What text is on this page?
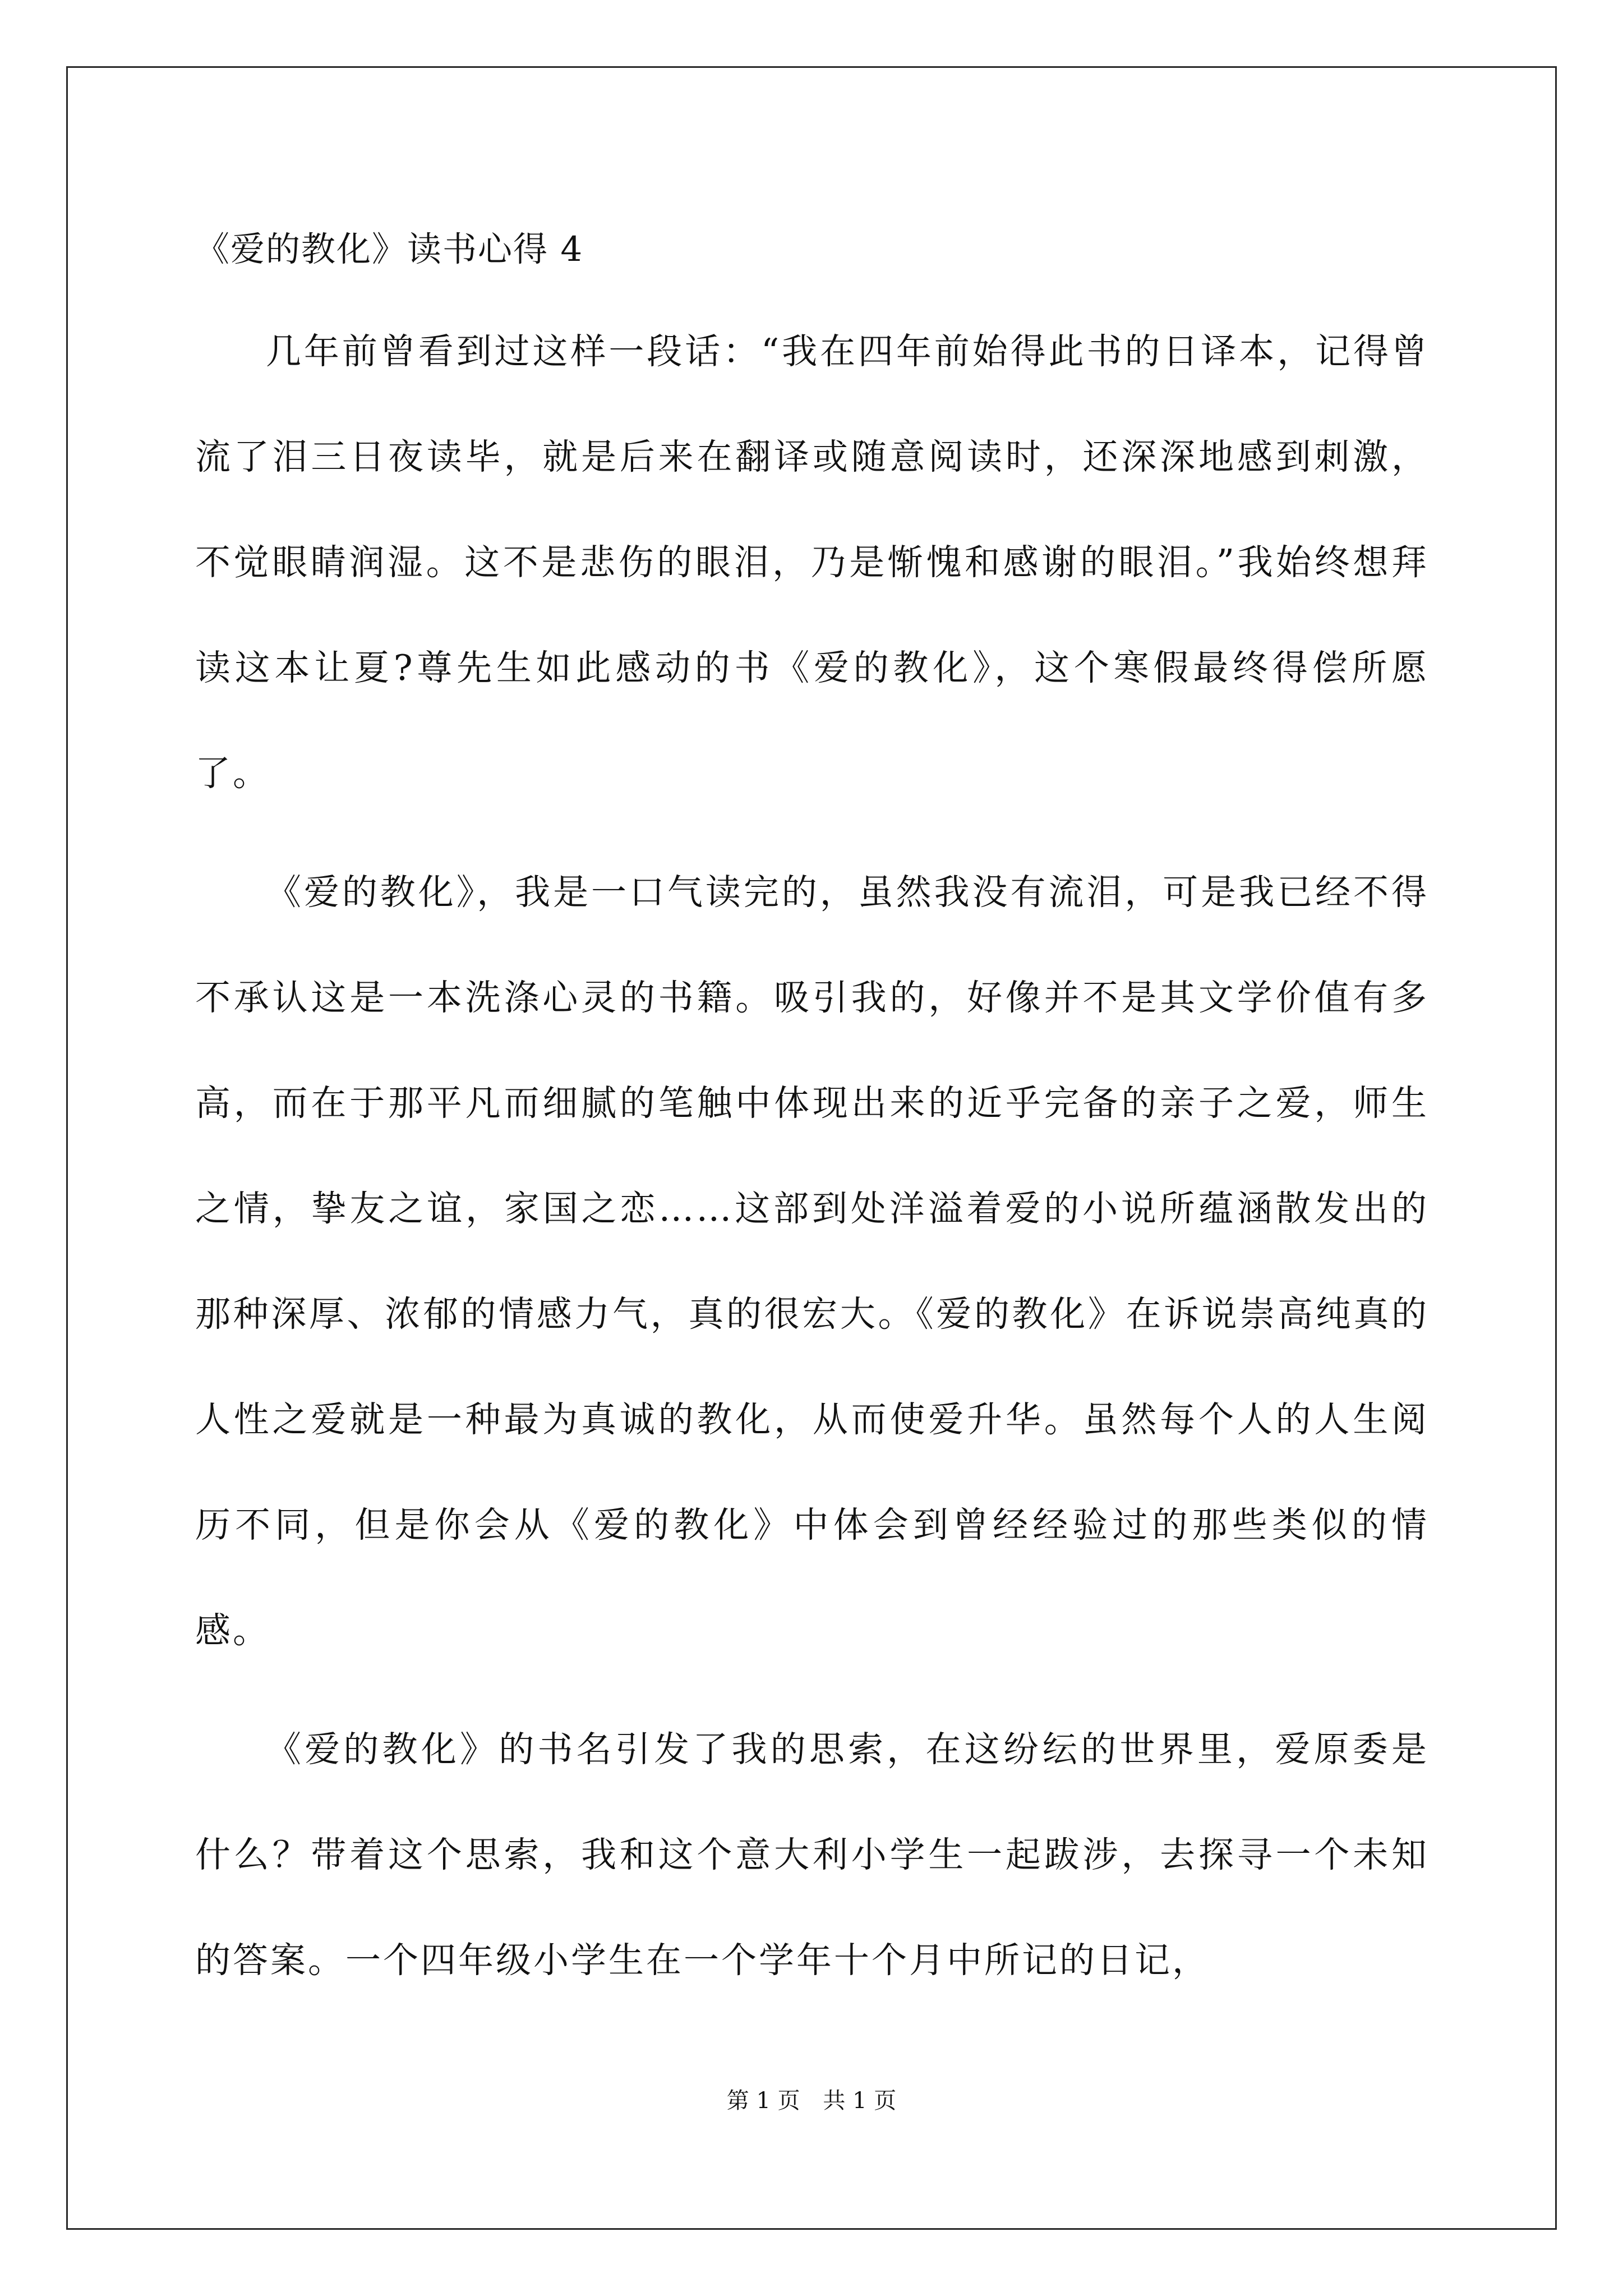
《爱的教化》读书心得 4

几年前曾看到过这样一段话：“我在四年前始得此书的日译本，记得曾流了泪三日夜读毕，就是后来在翻译或随意阅读时，还深深地感到刺激，不觉眼睛润湿。这不是悲伤的眼泪，乃是惭愧和感谢的眼泪。”我始终想拜读这本让夏?尊先生如此感动的书《爱的教化》，这个寒假最终得偿所愿了。

《爱的教化》，我是一口气读完的，虽然我没有流泪，可是我已经不得不承认这是一本洗涤心灵的书籍。吸引我的，好像并不是其文学价值有多高，而在于那平凡而细腻的笔触中体现出来的近乎完备的亲子之爱，师生之情，挚友之谊，家国之恋……这部到处洋溢着爱的小说所蕴涵散发出的那种深厚、浓郁的情感力气，真的很宏大。《爱的教化》在诉说崇高纯真的人性之爱就是一种最为真诚的教化，从而使爱升华。虽然每个人的人生阅历不同，但是你会从《爱的教化》中体会到曾经经验过的那些类似的情感。

《爱的教化》的书名引发了我的思索，在这纷纭的世界里，爱原委是什么？带着这个思索，我和这个意大利小学生一起跋涉，去探寻一个未知的答案。一个四年级小学生在一个学年十个月中所记的日记，

第 1 页 共 1 页
